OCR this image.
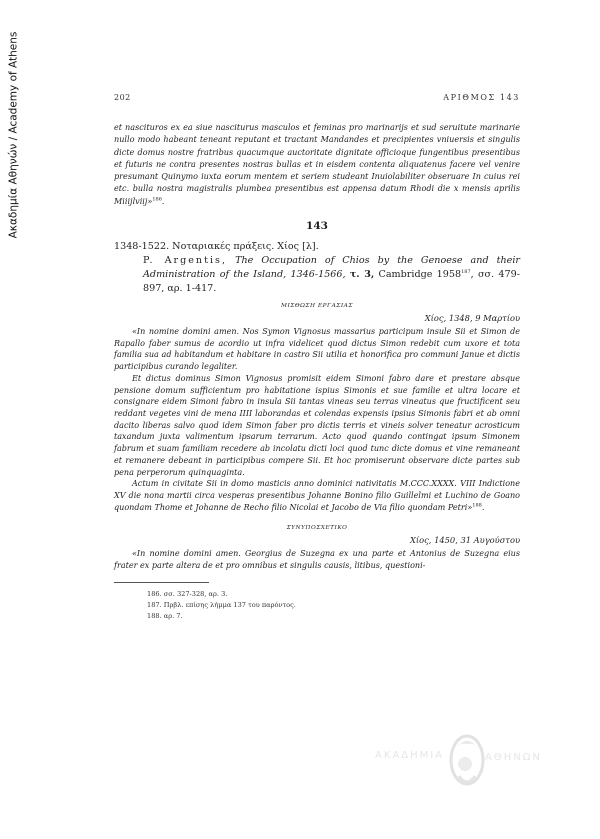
Ακαδημία Αθηνών / Academy of Athens	202	ΑΡΙΘΜΟΣ 143
et nascituros ex ea siue nasciturus masculos et feminas pro marinarijs et sud seruitute marinarie nullo modo habeant teneant reputant et tractant Mandandes et precipientes vniuersis et singulis dicte domus nostre fratribus quacumque auctoritate dignitate officioque fungentibus presentibus et futuris ne contra presentes nostras bullas et in eisdem contenta aliquatenus facere vel venire presumant Quinymo iuxta eorum mentem et seriem studeant Inuiolabiliter obseruare In cuius rei etc. bulla nostra magistralis plumbea presentibus est appensa datum Rhodi die x mensis aprilis Miiijlviij»$^{186}$.
143
1348-1522. Νοταριακές πράξεις. Χίος [λ].
P. Argentis, The Occupation of Chios by the Genoese and their Administration of the Island, 1346-1566, τ. 3, Cambridge 1958$^{187}$, σσ. 479-897, αρ. 1-417.
ΜΙΣΘΩΣΗ ΕΡΓΑΣΙΑΣ
Χίος, 1348, 9 Μαρτίου

«In nomine domini amen. Nos Symon Vignosus massarius participum insule Sii et Simon de Rapallo faber sumus de acordio ut infra videlicet quod dictus Simon redebit cum uxore et tota familia sua ad habitandum et habitare in castro Sii utilia et honorifica pro communi Janue et dictis participibus curando legaliter.

Et dictus dominus Simon Vignosus promisit eidem Simoni fabro dare et prestare absque pensione domum sufficientum pro habitatione ispius Simonis et sue familie et ultra locare et consignare eidem Simoni fabro in insula Sii tantas vineas seu terras vineatus que fructificent seu reddant vegetes vini de mena IIII laborandas et colendas expensis ipsius Simonis fabri et ab omni dacito liberas salvo quod idem Simon faber pro dictis terris et vineis solver teneatur acrosticum taxandum juxta valimentum ipsarum terrarum. Acto quod quando contingat ipsum Simonem fabrum et suam familiam recedere ab incolatu dicti loci quod tunc dicte domus et vine remaneant et remanere debeant in participibus compere Sii. Et hoc promiserunt observare dicte partes sub pena perperorum quinquaginta.

Actum in civitate Sii in domo masticis anno dominici nativitatis M.CCC.XXXX. VIII Indictione XV die nona martii circa vesperas presentibus Johanne Bonino filio Guillelmi et Luchino de Goano quondam Thome et Johanne de Recho filio Nicolai et Jacobo de Via filio quondam Petri»$^{188}$.

ΣΥΝΥΠΟΣΧΕΤΙΚΟ
Χίος, 1450, 31 Αυγούστου

«In nomine domini amen. Georgius de Suzegna ex una parte et Antonius de Suzegna eius frater ex parte altera de et pro omnibus et singulis causis, litibus, questioni-

186. σσ. 327-328, αρ. 3.
187. Πρβλ. επίσης λήμμα 137 του παρόντος.
188. αρ. 7.
ΑΚΑΔΗΜΙΑ	ΑΘΗΝΩΝ
